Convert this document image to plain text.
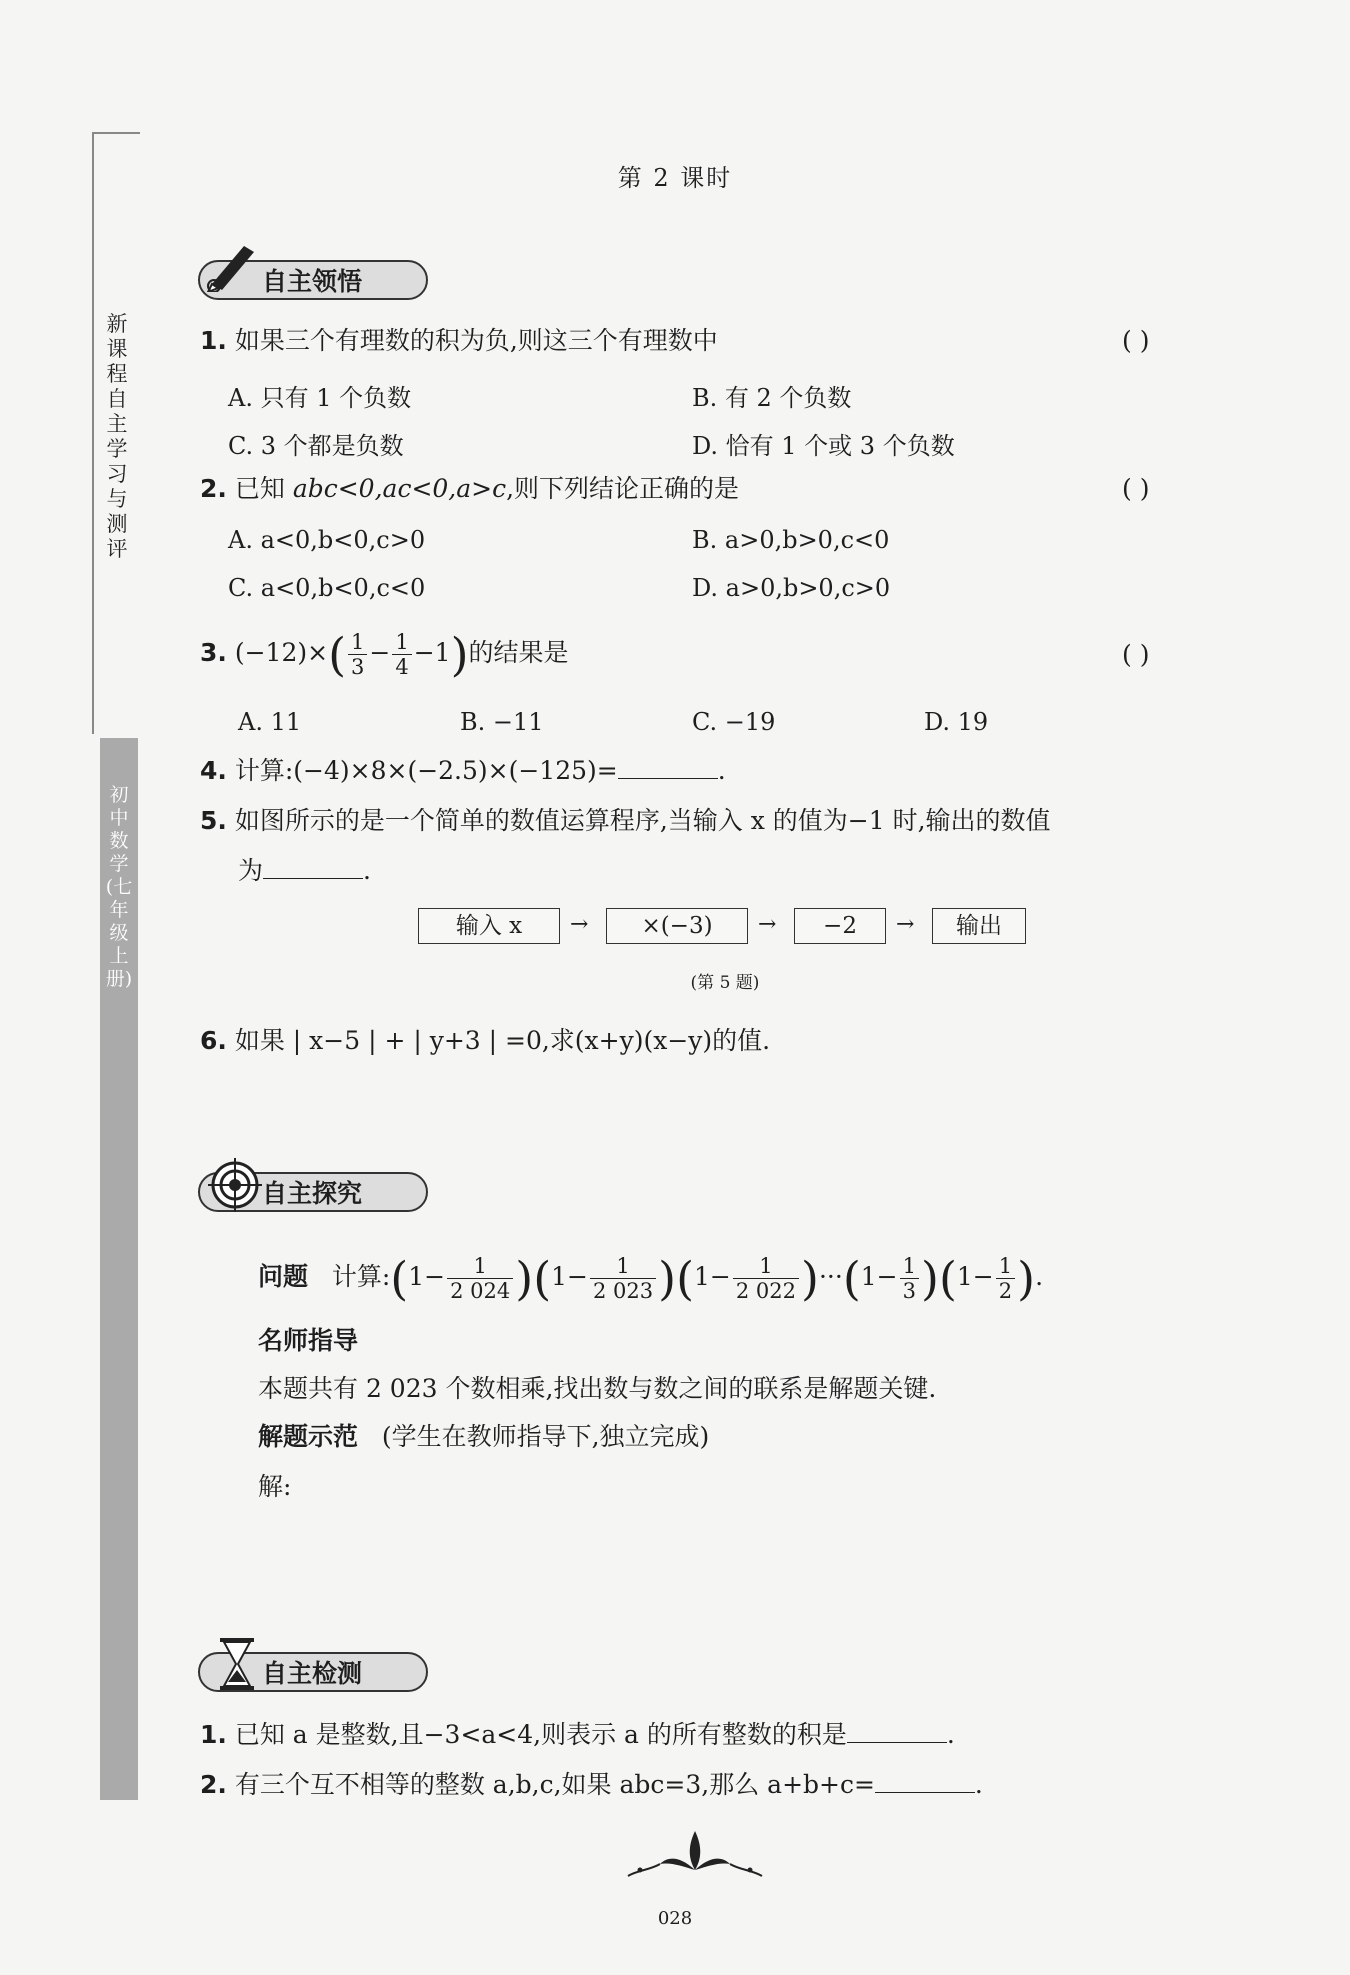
新课程自主学习与测评
初中数学(七年级上册)
第 2 课时
自主领悟
1. 如果三个有理数的积为负,则这三个有理数中	( )
A. 只有 1 个负数	B. 有 2 个负数
C. 3 个都是负数	D. 恰有 1 个或 3 个负数
2. 已知 abc<0,ac<0,a>c,则下列结论正确的是	( )
A. a<0,b<0,c>0	B. a>0,b>0,c<0
C. a<0,b<0,c<0	D. a>0,b>0,c>0
3. $(-12)\times( \frac{1}{3} - \frac{1}{4} -1)$的结果是	( )
A. 11	B. −11	C. −19	D. 19
4. 计算:(−4)×8×(−2.5)×(−125)=	.
5. 如图所示的是一个简单的数值运算程序,当输入 x 的值为−1 时,输出的数值
为	.
输入 x	→	×(−3)	→	−2	→	输出
(第 5 题)
6. 如果 | x−5 | + | y+3 | =0,求(x+y)(x−y)的值.
自主探究
问题 计算:(1− $\frac{1}{2 024} )(1- \frac{1}{2 023} )(1- \frac{1}{2 022} )\cdot\cdot\cdot(1- \frac{1}{3} )(1- \frac{1}{2}$ ).
名师指导
本题共有 2 023 个数相乘,找出数与数之间的联系是解题关键.
解题示范 (学生在教师指导下,独立完成)
解:
自主检测
1. 已知 a 是整数,且−3<a<4,则表示 a 的所有整数的积是	.
2. 有三个互不相等的整数 a,b,c,如果 abc=3,那么 a+b+c=	.
028
